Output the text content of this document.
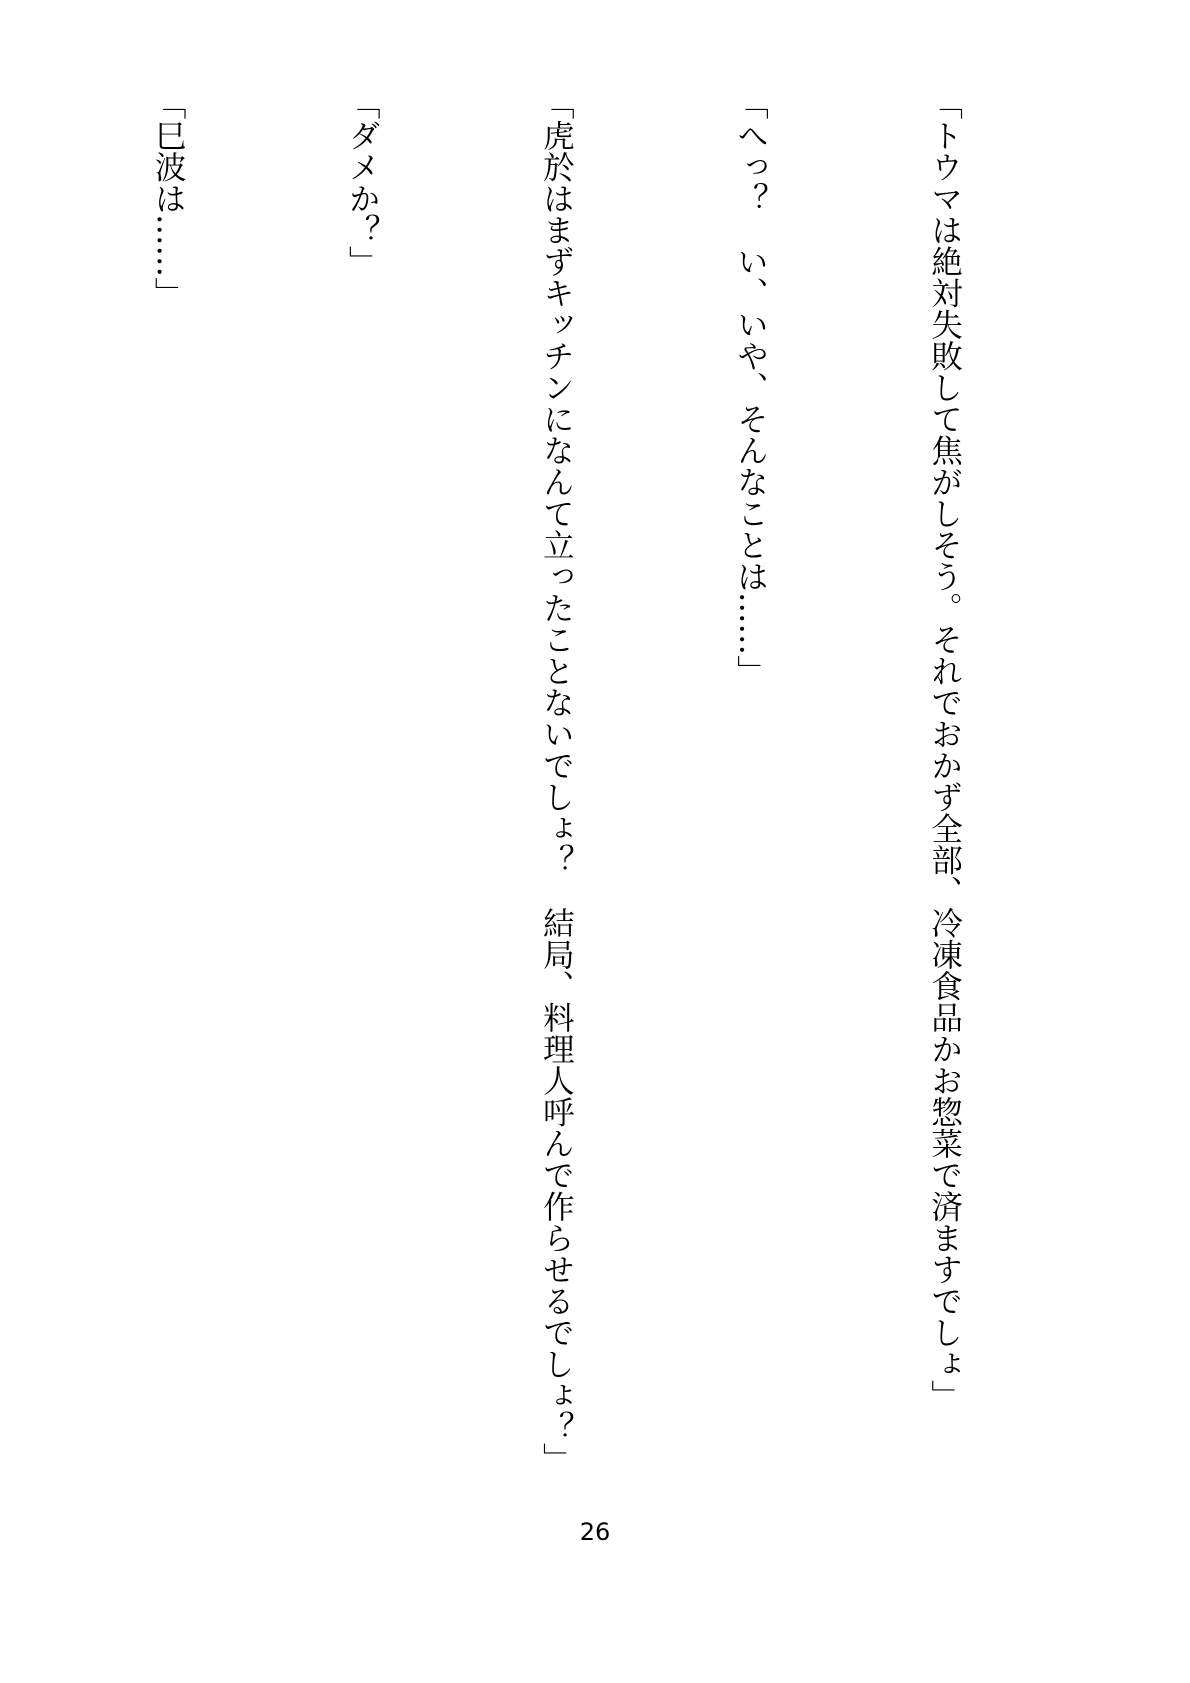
「トウマは絶対失敗して焦がしそう。それでおかず全部、冷凍食品かお惣菜で済ますでしょ」

「へっ？　い、いや、そんなことは……」

「虎於はまずキッチンになんて立ったことないでしょ？　結局、料理人呼んで作らせるでしょ？」

「ダメか？」

「巳波は……」

26
